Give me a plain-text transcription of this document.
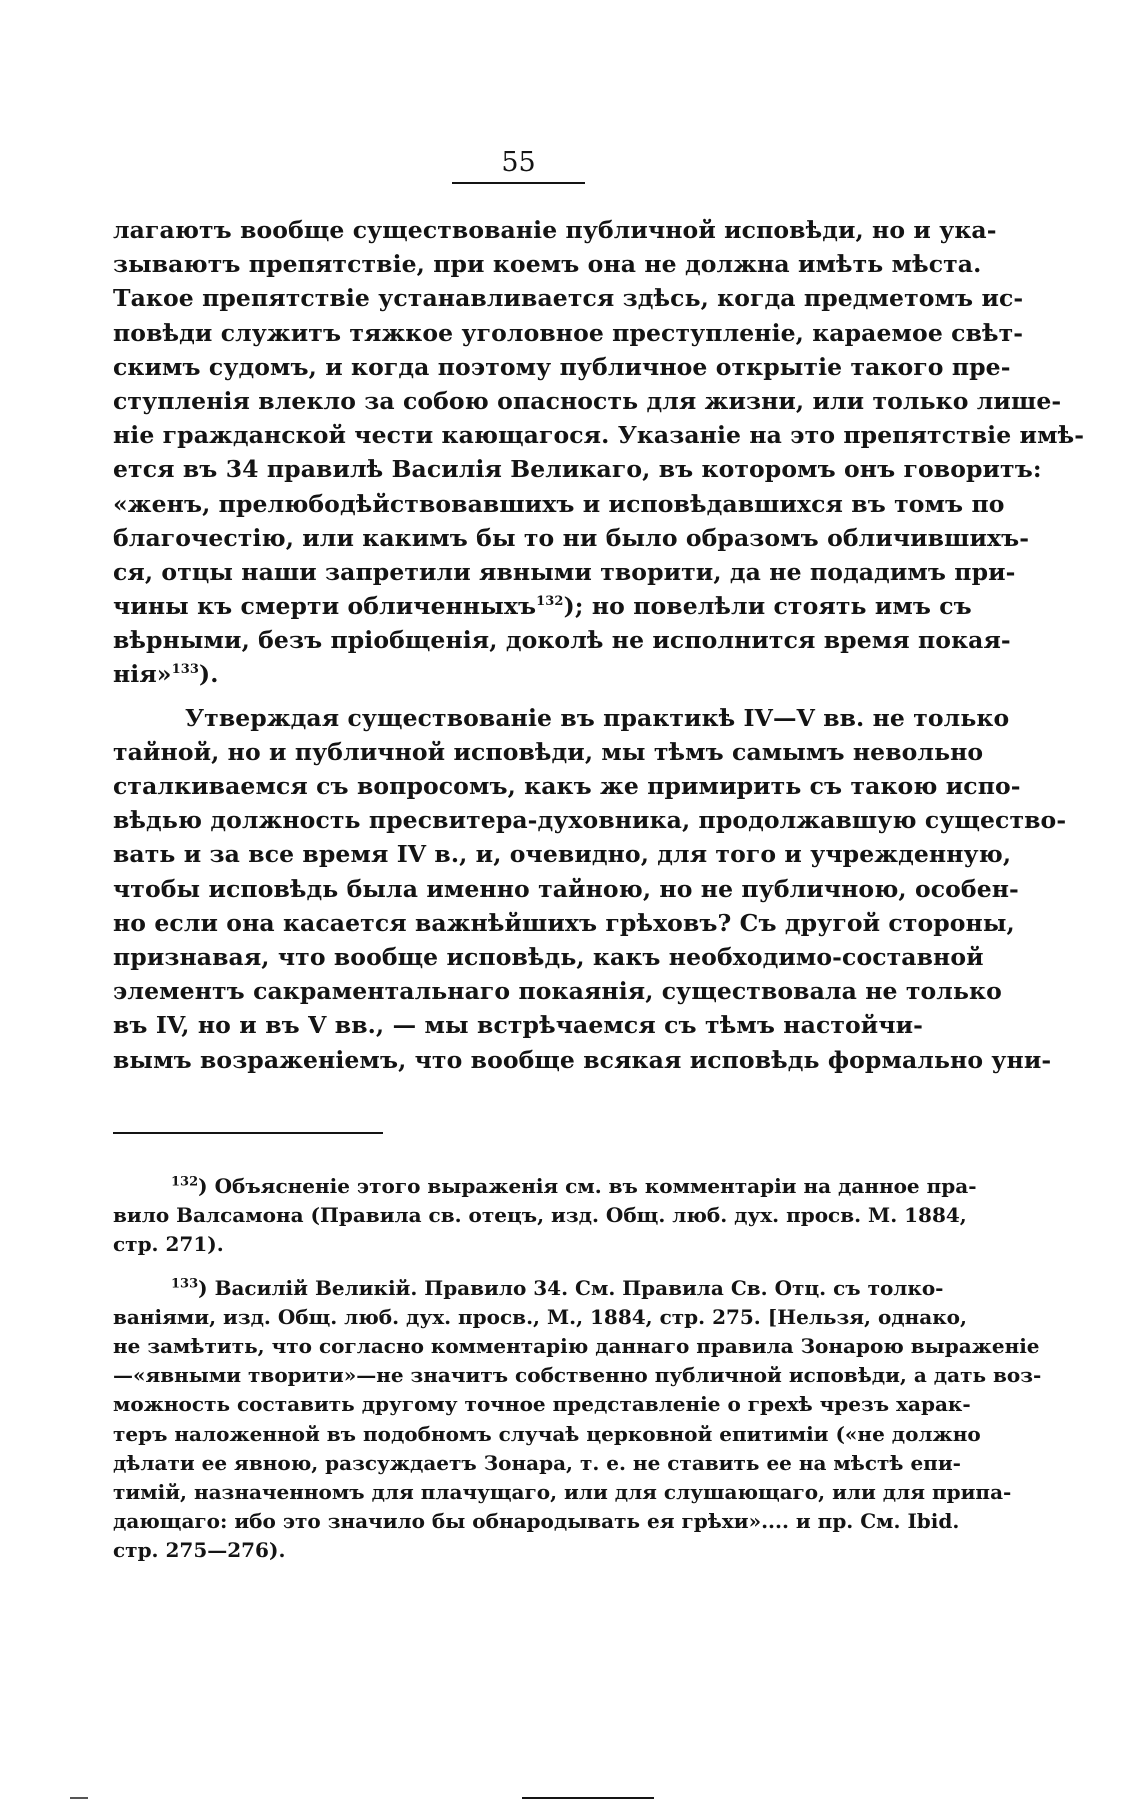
55
лагаютъ вообще существованіе публичной исповѣди, но и ука-
зываютъ препятствіе, при коемъ она не должна имѣть мѣста.
Такое препятствіе устанавливается здѣсь, когда предметомъ ис-
повѣди служитъ тяжкое уголовное преступленіе, караемое свѣт-
скимъ судомъ, и когда поэтому публичное открытіе такого пре-
ступленія влекло за собою опасность для жизни, или только лише-
ніе гражданской чести кающагося. Указаніе на это препятствіе имѣ-
ется въ 34 правилѣ Василія Великаго, въ которомъ онъ говоритъ:
«женъ, прелюбодѣйствовавшихъ и исповѣдавшихся въ томъ по
благочестію, или какимъ бы то ни было образомъ обличившихъ-
ся, отцы наши запретили явными творити, да не подадимъ при-
чины къ смерти обличенныхъ$^{132}$); но повелѣли стоять имъ съ
вѣрными, безъ пріобщенія, доколѣ не исполнится время покая-
нія»$^{133}$).
Утверждая существованіе въ практикѣ IV—V вв. не только
тайной, но и публичной исповѣди, мы тѣмъ самымъ невольно
сталкиваемся съ вопросомъ, какъ же примирить съ такою испо-
вѣдью должность пресвитера-духовника, продолжавшую существо-
вать и за все время IV в., и, очевидно, для того и учрежденную,
чтобы исповѣдь была именно тайною, но не публичною, особен-
но если она касается важнѣйшихъ грѣховъ? Съ другой стороны,
признавая, что вообще исповѣдь, какъ необходимо-составной
элементъ сакраментальнаго покаянія, существовала не только
въ IV, но и въ V вв., — мы встрѣчаемся съ тѣмъ настойчи-
вымъ возраженіемъ, что вообще всякая исповѣдь формально уни-
$^{132}$) Объясненіе этого выраженія см. въ комментаріи на данное пра-
вило Валсамона (Правила св. отецъ, изд. Общ. люб. дух. просв. М. 1884,
стр. 271).
$^{133}$) Василій Великій. Правило 34. См. Правила Св. Отц. съ толко-
ваніями, изд. Общ. люб. дух. просв., М., 1884, стр. 275. [Нельзя, однако,
не замѣтить, что согласно комментарію даннаго правила Зонарою выраженіе
—«явными творити»—не значитъ собственно публичной исповѣди, а дать воз-
можность составить другому точное представленіе о грехѣ чрезъ харак-
теръ наложенной въ подобномъ случаѣ церковной епитиміи («не должно
дѣлати ее явною, разсуждаетъ Зонара, т. е. не ставить ее на мѣстѣ епи-
тимій, назначенномъ для плачущаго, или для слушающаго, или для припа-
дающаго: ибо это значило бы обнародывать ея грѣхи».... и пр. См. Ibid.
стр. 275—276).
